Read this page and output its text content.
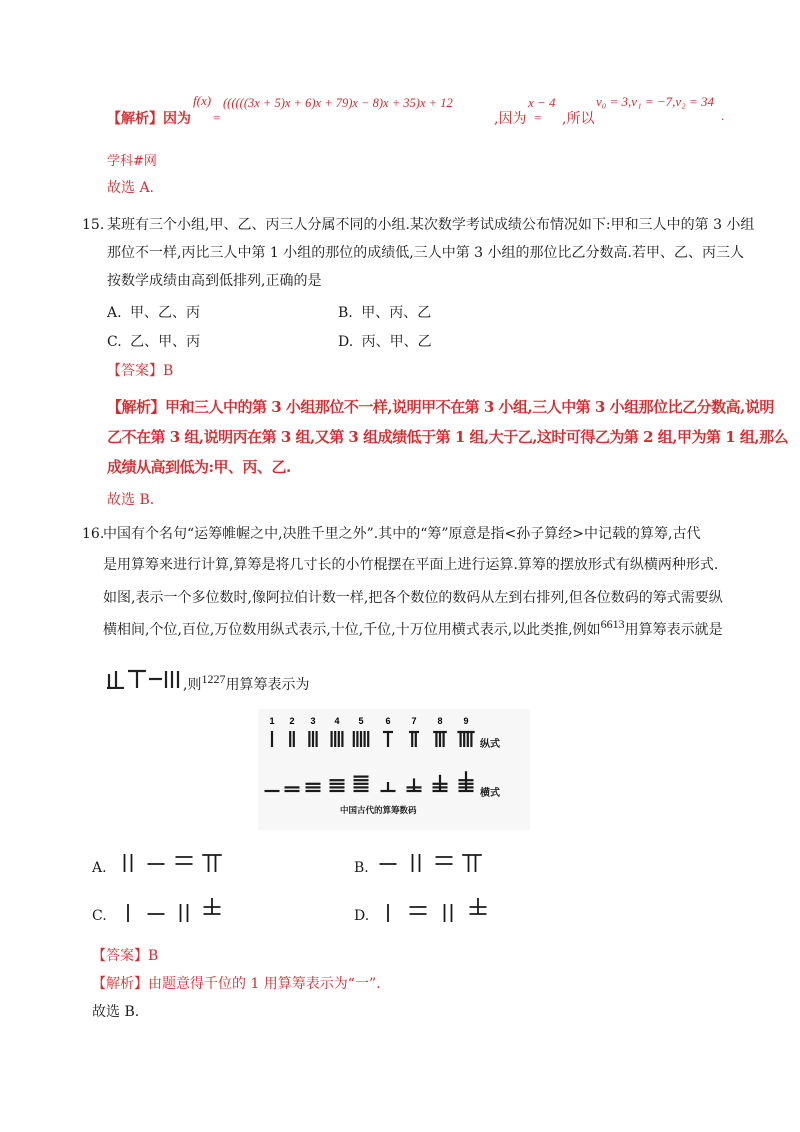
【解析】因为
f(x)
=
((((((3x + 5)x + 6)x + 79)x − 8)x + 35)x + 12
,因为 =
x − 4
,所以
v₀ = 3,v₁ = −7,v₂ = 34
.
学科#网
故选 A.
15. 某班有三个小组,甲、乙、丙三人分属不同的小组.某次数学考试成绩公布情况如下:甲和三人中的第 3 小组
那位不一样,丙比三人中第 1 小组的那位的成绩低,三人中第 3 小组的那位比乙分数高.若甲、乙、丙三人
按数学成绩由高到低排列,正确的是
A. 甲、乙、丙	B. 甲、丙、乙
C. 乙、甲、丙	D. 丙、甲、乙
【答案】B
【解析】甲和三人中的第 3 小组那位不一样,说明甲不在第 3 小组,三人中第 3 小组那位比乙分数高,说明
乙不在第 3 组,说明丙在第 3 组,又第 3 组成绩低于第 1 组,大于乙,这时可得乙为第 2 组,甲为第 1 组,那么
成绩从高到低为:甲、丙、乙.
故选 B.
16.
中国有个名句“运筹帷幄之中,决胜千里之外”.其中的“筹”原意是指<孙子算经>中记载的算筹,古代
是用算筹来进行计算,算筹是将几寸长的小竹棍摆在平面上进行运算.算筹的摆放形式有纵横两种形式.
如图,表示一个多位数时,像阿拉伯计数一样,把各个数位的数码从左到右排列,但各位数码的筹式需要纵
横相间,个位,百位,万位数用纵式表示,十位,千位,十万位用横式表示,以此类推,例如6613用算筹表示就是
,则1227用算筹表示为
1 2 3 4 5 6 7 8 9
纵式
横式
中国古代的算筹数码
A.	B.
C.	D.
【答案】B
【解析】由题意得千位的 1 用算筹表示为“一”.
故选 B.
